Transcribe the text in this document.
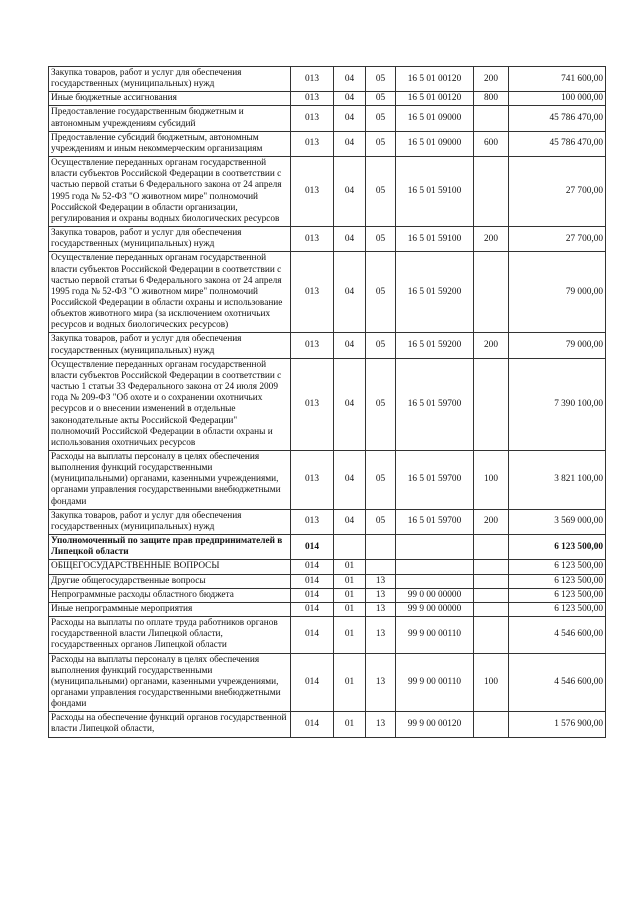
Закупка товаров, работ и услуг для обеспечения государственных (муниципальных) нужд	013	04	05	16 5 01 00120	200	741 600,00
Иные бюджетные ассигнования	013	04	05	16 5 01 00120	800	100 000,00
Предоставление государственным бюджетным и автономным учреждениям субсидий	013	04	05	16 5 01 09000		45 786 470,00
Предоставление субсидий бюджетным, автономным учреждениям и иным некоммерческим организациям	013	04	05	16 5 01 09000	600	45 786 470,00
Осуществление переданных органам государственной власти субъектов Российской Федерации в соответствии с частью первой статьи 6 Федерального закона от 24 апреля 1995 года № 52-ФЗ "О животном мире" полномочий Российской Федерации в области организации, регулирования и охраны водных биологических ресурсов	013	04	05	16 5 01 59100		27 700,00
Закупка товаров, работ и услуг для обеспечения государственных (муниципальных) нужд	013	04	05	16 5 01 59100	200	27 700,00
Осуществление переданных органам государственной власти субъектов Российской Федерации в соответствии с частью первой статьи 6 Федерального закона от 24 апреля 1995 года № 52-ФЗ "О животном мире" полномочий Российской Федерации в области охраны и использование объектов животного мира (за исключением охотничьих ресурсов и водных биологических ресурсов)	013	04	05	16 5 01 59200		79 000,00
Закупка товаров, работ и услуг для обеспечения государственных (муниципальных) нужд	013	04	05	16 5 01 59200	200	79 000,00
Осуществление переданных органам государственной власти субъектов Российской Федерации в соответствии с частью 1 статьи 33 Федерального закона от 24 июля 2009 года № 209-ФЗ "Об охоте и о сохранении охотничьих ресурсов и о внесении изменений в отдельные законодательные акты Российской Федерации" полномочий Российской Федерации в области охраны и использования охотничьих ресурсов	013	04	05	16 5 01 59700		7 390 100,00
Расходы на выплаты персоналу в целях обеспечения выполнения функций государственными (муниципальными) органами, казенными учреждениями, органами управления государственными внебюджетными фондами	013	04	05	16 5 01 59700	100	3 821 100,00
Закупка товаров, работ и услуг для обеспечения государственных (муниципальных) нужд	013	04	05	16 5 01 59700	200	3 569 000,00
Уполномоченный по защите прав предпринимателей в Липецкой области	014					6 123 500,00
ОБЩЕГОСУДАРСТВЕННЫЕ ВОПРОСЫ	014	01				6 123 500,00
Другие общегосударственные вопросы	014	01	13			6 123 500,00
Непрограммные расходы областного бюджета	014	01	13	99 0 00 00000		6 123 500,00
Иные непрограммные мероприятия	014	01	13	99 9 00 00000		6 123 500,00
Расходы на выплаты по оплате труда работников органов государственной власти Липецкой области, государственных органов Липецкой области	014	01	13	99 9 00 00110		4 546 600,00
Расходы на выплаты персоналу в целях обеспечения выполнения функций государственными (муниципальными) органами, казенными учреждениями, органами управления государственными внебюджетными фондами	014	01	13	99 9 00 00110	100	4 546 600,00
Расходы на обеспечение функций органов государственной власти Липецкой области,	014	01	13	99 9 00 00120		1 576 900,00
